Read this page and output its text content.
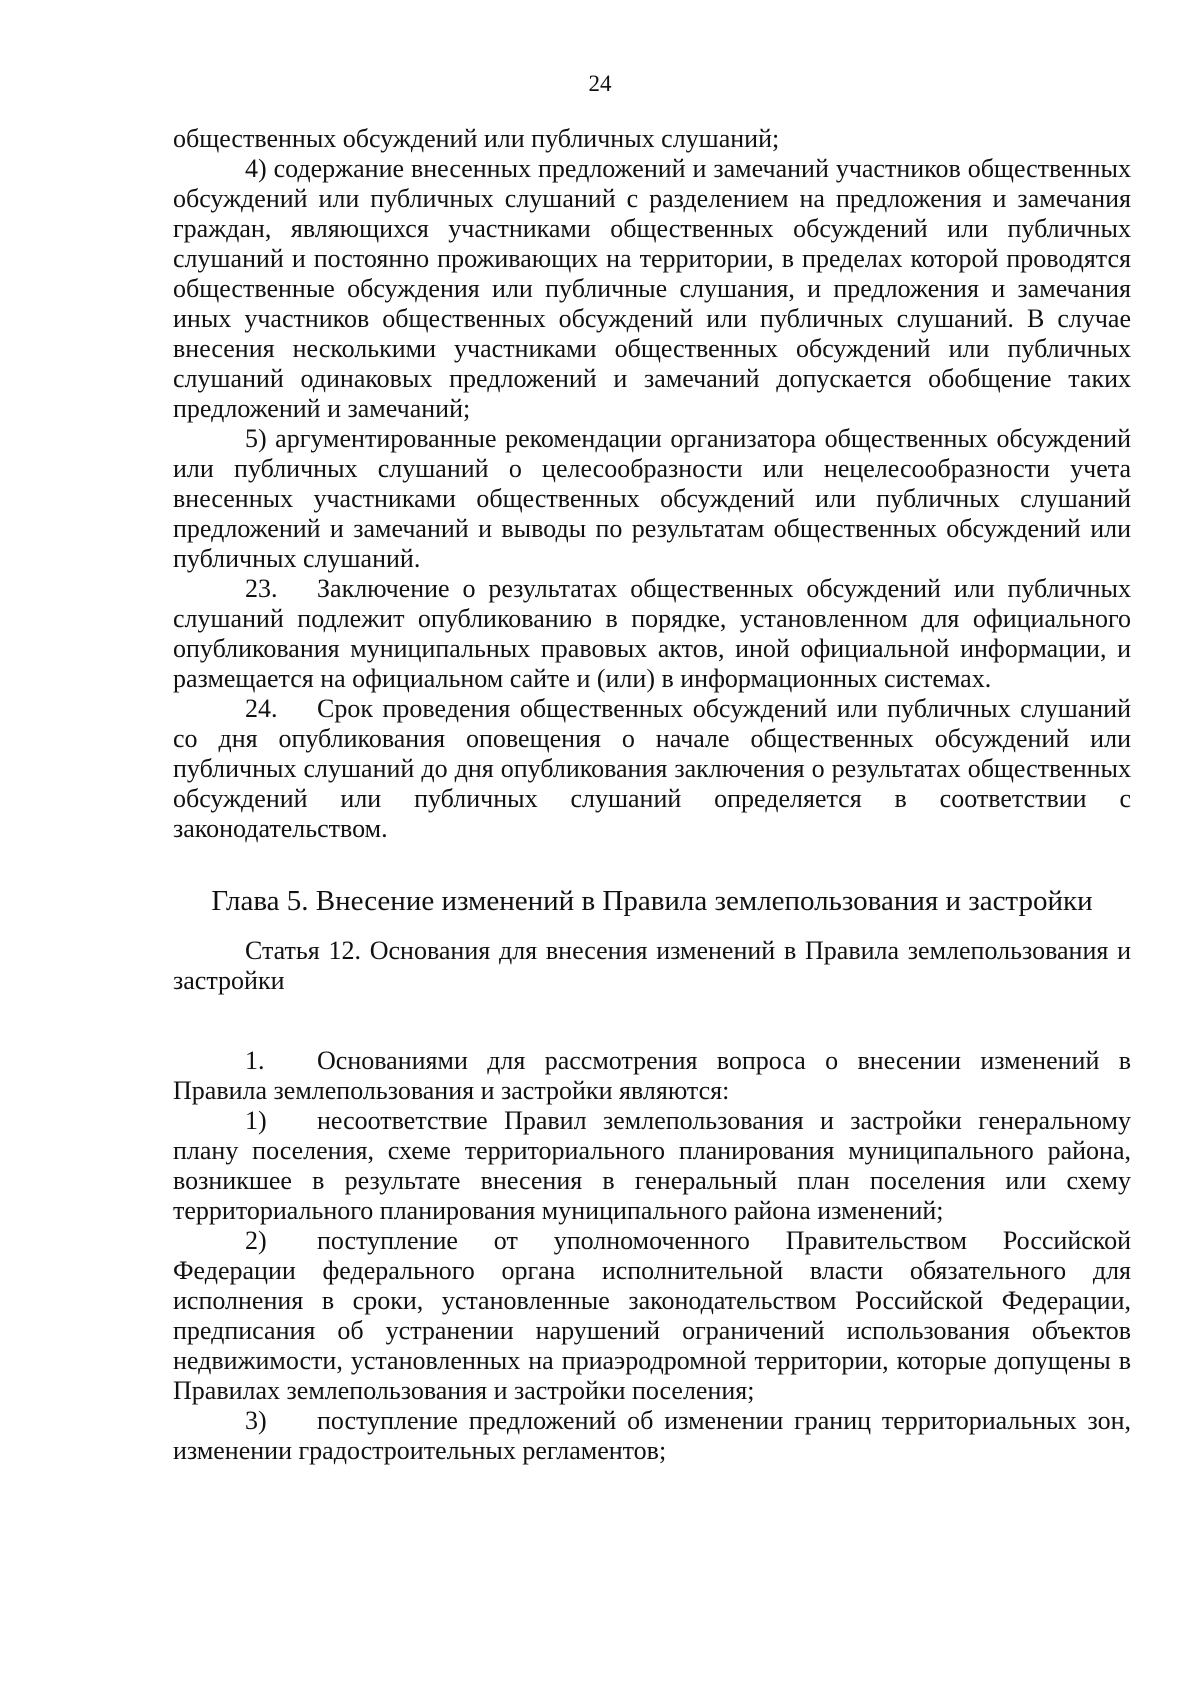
24

общественных обсуждений или публичных слушаний;

4) содержание внесенных предложений и замечаний участников общественных обсуждений или публичных слушаний с разделением на предложения и замечания граждан, являющихся участниками общественных обсуждений или публичных слушаний и постоянно проживающих на территории, в пределах которой проводятся общественные обсуждения или публичные слушания, и предложения и замечания иных участников общественных обсуждений или публичных слушаний. В случае внесения несколькими участниками общественных обсуждений или публичных слушаний одинаковых предложений и замечаний допускается обобщение таких предложений и замечаний;

5) аргументированные рекомендации организатора общественных обсуждений или публичных слушаний о целесообразности или нецелесообразности учета внесенных участниками общественных обсуждений или публичных слушаний предложений и замечаний и выводы по результатам общественных обсуждений или публичных слушаний.

23. Заключение о результатах общественных обсуждений или публичных слушаний подлежит опубликованию в порядке, установленном для официального опубликования муниципальных правовых актов, иной официальной информации, и размещается на официальном сайте и (или) в информационных системах.

24. Срок проведения общественных обсуждений или публичных слушаний со дня опубликования оповещения о начале общественных обсуждений или публичных слушаний до дня опубликования заключения о результатах общественных обсуждений или публичных слушаний определяется в соответствии с законодательством.

Глава 5. Внесение изменений в Правила землепользования и застройки

Статья 12. Основания для внесения изменений в Правила землепользования и застройки

1. Основаниями для рассмотрения вопроса о внесении изменений в Правила землепользования и застройки являются:

1) несоответствие Правил землепользования и застройки генеральному плану поселения, схеме территориального планирования муниципального района, возникшее в результате внесения в генеральный план поселения или схему территориального планирования муниципального района изменений;

2) поступление от уполномоченного Правительством Российской Федерации федерального органа исполнительной власти обязательного для исполнения в сроки, установленные законодательством Российской Федерации, предписания об устранении нарушений ограничений использования объектов недвижимости, установленных на приаэродромной территории, которые допущены в Правилах землепользования и застройки поселения;

3) поступление предложений об изменении границ территориальных зон, изменении градостроительных регламентов;
